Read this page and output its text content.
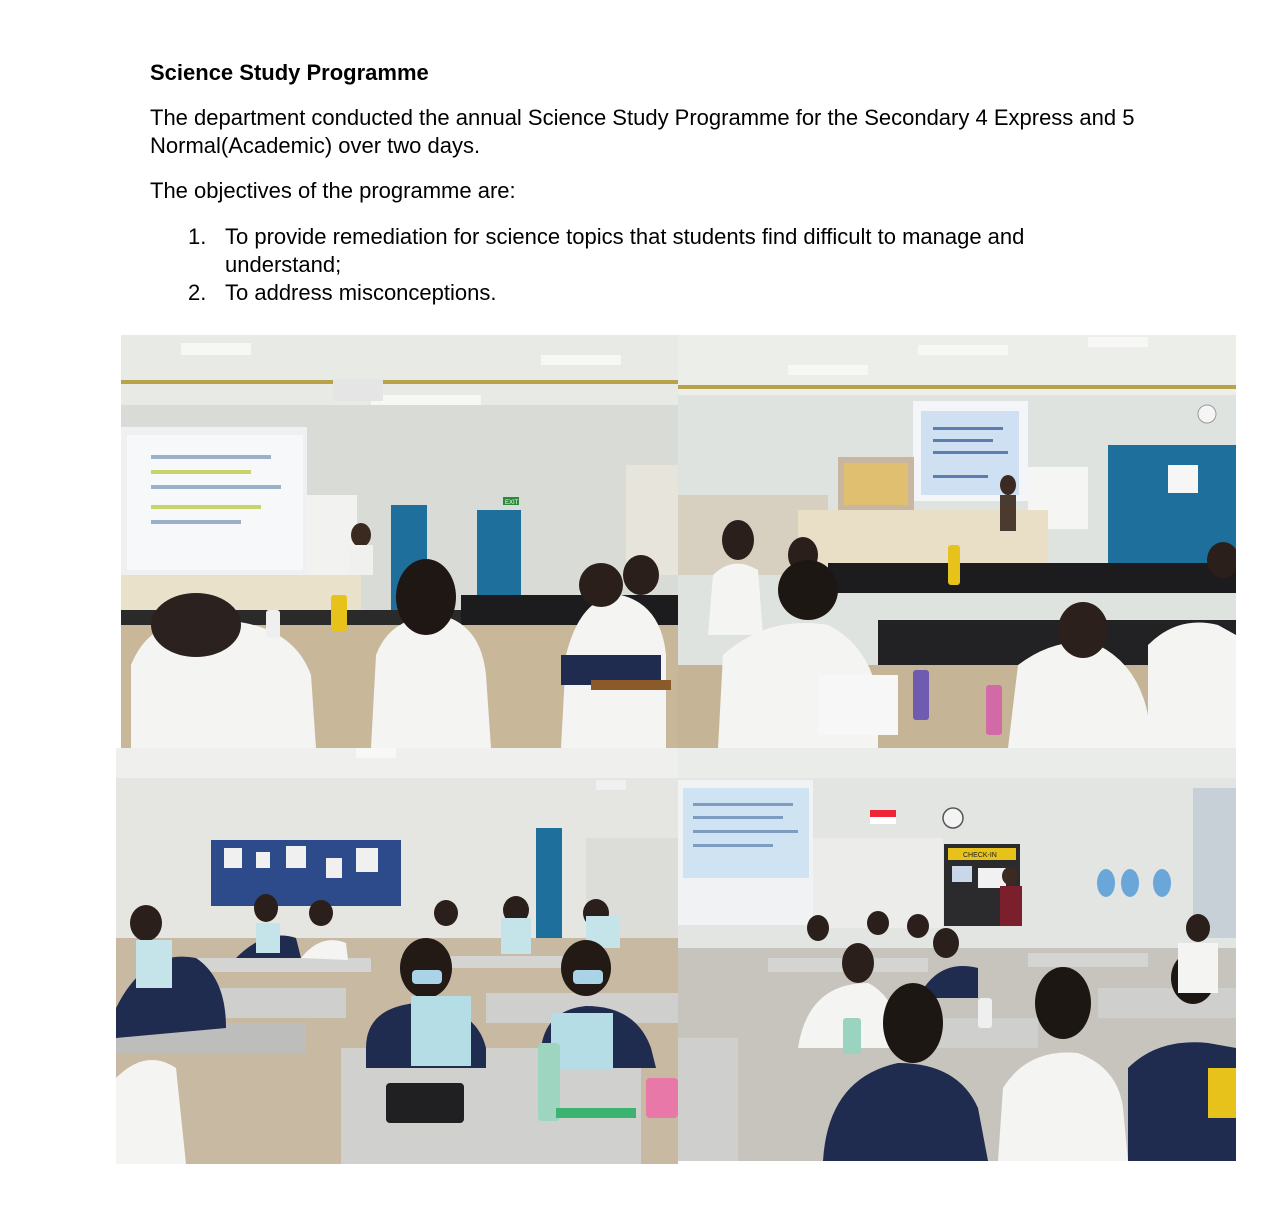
Science Study Programme

The department conducted the annual Science Study Programme for the Secondary 4 Express and 5 Normal(Academic) over two days.

The objectives of the programme are:

1. To provide remediation for science topics that students find difficult to manage and understand;
2. To address misconceptions.
EXIT
CHECK-IN
